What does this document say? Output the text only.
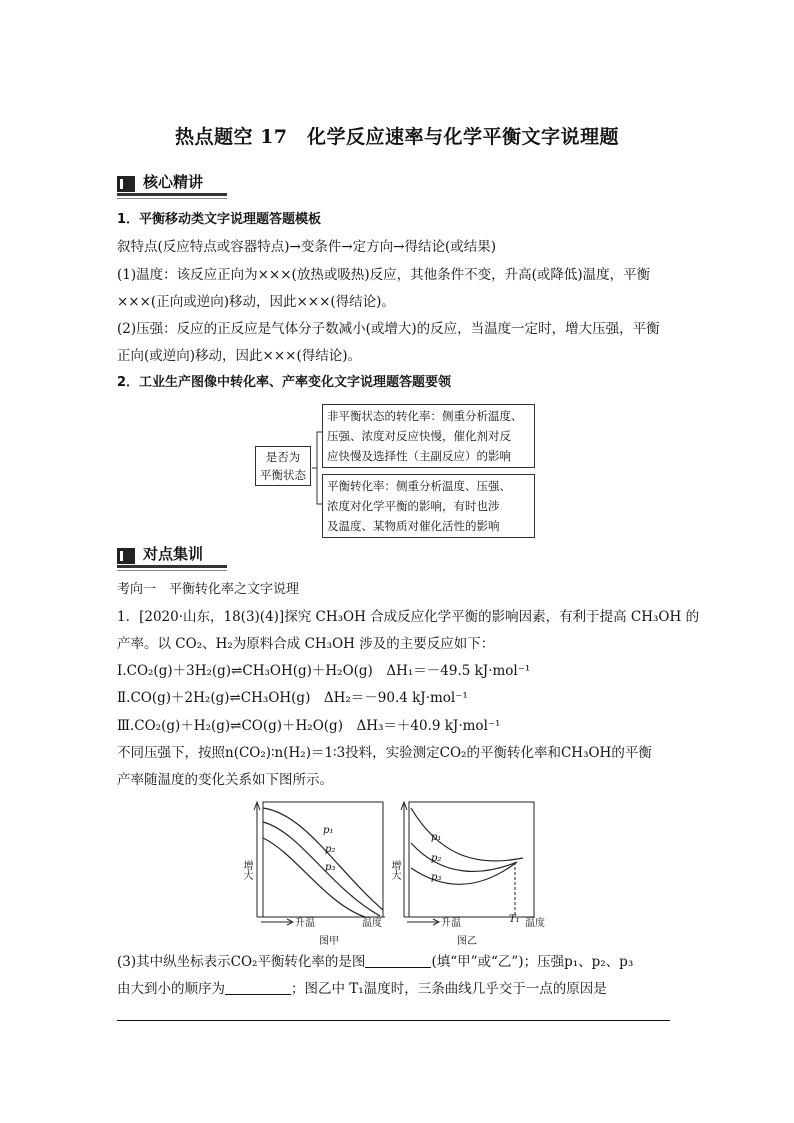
热点题空 17　化学反应速率与化学平衡文字说理题
核心精讲
1．平衡移动类文字说理题答题模板
叙特点(反应特点或容器特点)→变条件→定方向→得结论(或结果)
(1)温度：该反应正向为×××(放热或吸热)反应，其他条件不变，升高(或降低)温度，平衡
×××(正向或逆向)移动，因此×××(得结论)。
(2)压强：反应的正反应是气体分子数减小(或增大)的反应，当温度一定时，增大压强，平衡
正向(或逆向)移动，因此×××(得结论)。
2．工业生产图像中转化率、产率变化文字说理题答题要领
是否为
平衡状态
非平衡状态的转化率：侧重分析温度、
压强、浓度对反应快慢，催化剂对反
应快慢及选择性（主副反应）的影响
平衡转化率：侧重分析温度、压强、
浓度对化学平衡的影响，有时也涉
及温度、某物质对催化活性的影响
对点集训
考向一　平衡转化率之文字说理
1．[2020·山东，18(3)(4)]探究 CH₃OH 合成反应化学平衡的影响因素，有利于提高 CH₃OH 的
产率。以 CO₂、H₂为原料合成 CH₃OH 涉及的主要反应如下：
Ⅰ.CO₂(g)＋3H₂(g)⇌CH₃OH(g)＋H₂O(g)　ΔH₁＝－49.5 kJ·mol⁻¹
Ⅱ.CO(g)＋2H₂(g)⇌CH₃OH(g)　ΔH₂＝－90.4 kJ·mol⁻¹
Ⅲ.CO₂(g)＋H₂(g)⇌CO(g)＋H₂O(g)　ΔH₃＝＋40.9 kJ·mol⁻¹
不同压强下，按照n(CO₂)∶n(H₂)＝1∶3投料，实验测定CO₂的平衡转化率和CH₃OH的平衡
产率随温度的变化关系如下图所示。
p₁
p₂
p₃
增大
升温	温度
图甲
p₁
p₂
p₃
增大
升温	T₁ 温度
图乙
(3)其中纵坐标表示CO₂平衡转化率的是图	(填“甲”或“乙”)；压强p₁、p₂、p₃
由大到小的顺序为	；图乙中 T₁温度时，三条曲线几乎交于一点的原因是
